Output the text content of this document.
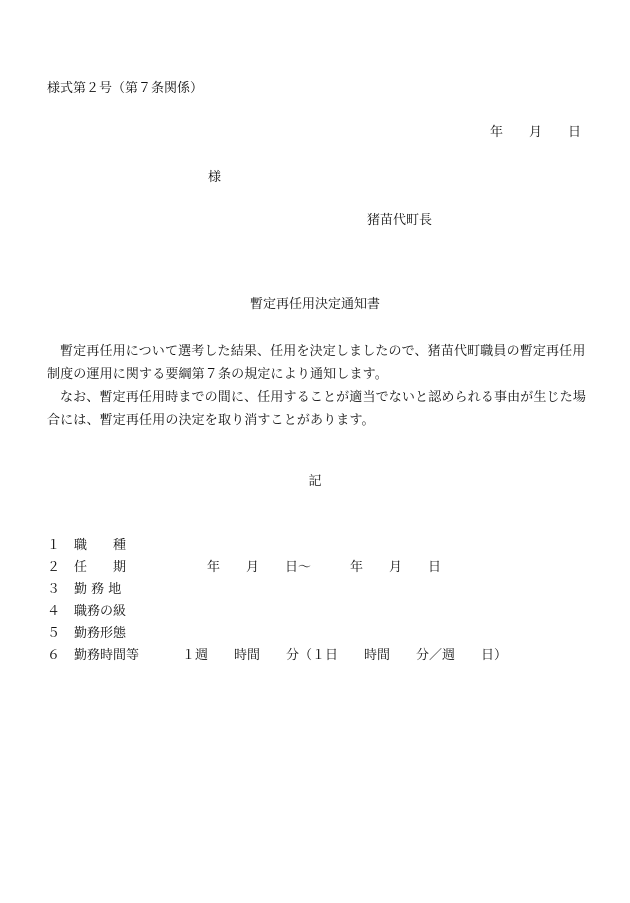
様式第２号（第７条関係）
年 月 日
様
猪苗代町長
暫定再任用決定通知書

暫定再任用について選考した結果、任用を決定しましたので、猪苗代町職員の暫定再任用制度の運用に関する要綱第７条の規定により通知します。

なお、暫定再任用時までの間に、任用することが適当でないと認められる事由が生じた場合には、暫定再任用の決定を取り消すことがあります。

記
１ 職　　種
２ 任　　期	年　　月　　日～　　　年　　月　　日
３ 勤 務 地
４ 職務の級
５ 勤務形態
６ 勤務時間等	１週　　時間　　分（１日　　時間　　分／週　　日）
